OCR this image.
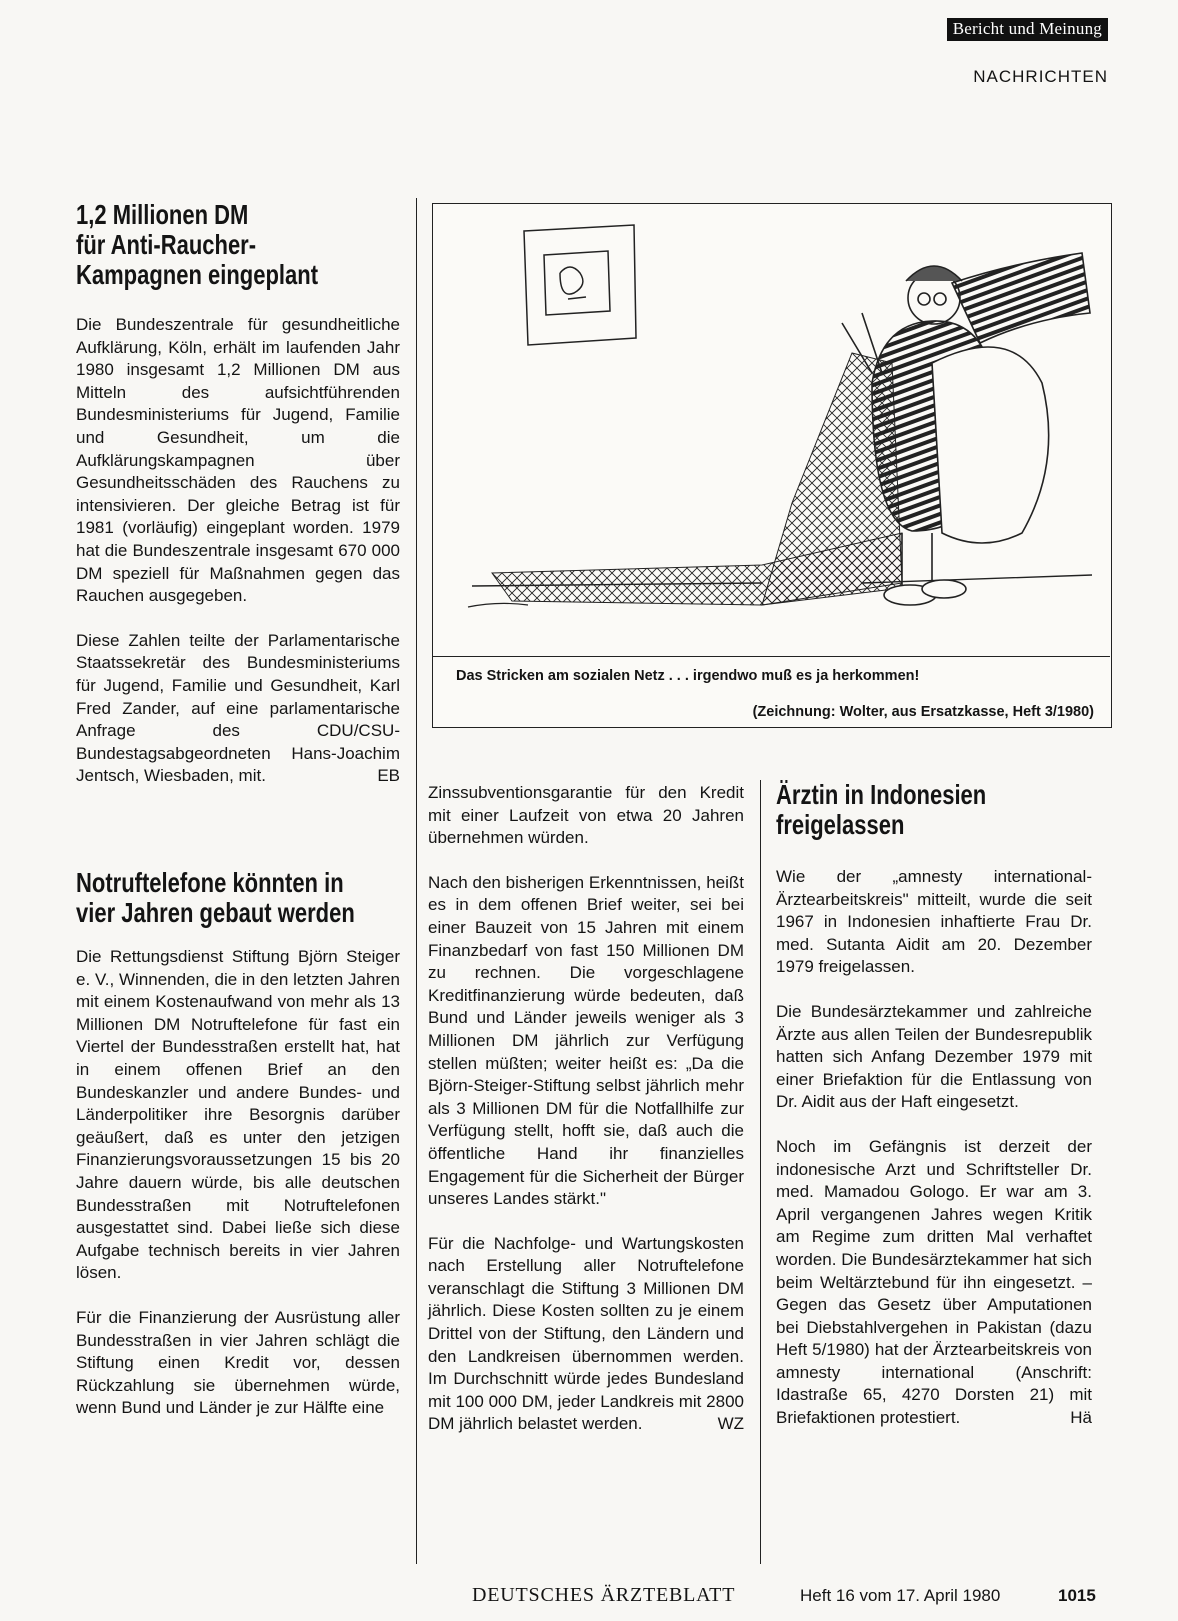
Bericht und Meinung
NACHRICHTEN

1,2 Millionen DM

für Anti-Raucher-

Kampagnen eingeplant

Die Bundeszentrale für gesundheitliche Aufklärung, Köln, erhält im laufenden Jahr 1980 insgesamt 1,2 Millionen DM aus Mitteln des aufsichtführenden Bundesministeriums für Jugend, Familie und Gesundheit, um die Aufklärungskampagnen über Gesundheitsschäden des Rauchens zu intensivieren. Der gleiche Betrag ist für 1981 (vorläufig) eingeplant worden. 1979 hat die Bundeszentrale insgesamt 670 000 DM speziell für Maßnahmen gegen das Rauchen ausgegeben.

Diese Zahlen teilte der Parlamentarische Staatssekretär des Bundesministeriums für Jugend, Familie und Gesundheit, Karl Fred Zander, auf eine parlamentarische Anfrage des CDU/CSU-Bundestagsabgeordneten Hans-Joachim Jentsch, Wiesbaden, mit.	EB

Notruftelefone könnten in

vier Jahren gebaut werden

Die Rettungsdienst Stiftung Björn Steiger e. V., Winnenden, die in den letzten Jahren mit einem Kostenaufwand von mehr als 13 Millionen DM Notruftelefone für fast ein Viertel der Bundesstraßen erstellt hat, hat in einem offenen Brief an den Bundeskanzler und andere Bundes- und Länderpolitiker ihre Besorgnis darüber geäußert, daß es unter den jetzigen Finanzierungsvoraussetzungen 15 bis 20 Jahre dauern würde, bis alle deutschen Bundesstraßen mit Notruftelefonen ausgestattet sind. Dabei ließe sich diese Aufgabe technisch bereits in vier Jahren lösen.

Für die Finanzierung der Ausrüstung aller Bundesstraßen in vier Jahren schlägt die Stiftung einen Kredit vor, dessen Rückzahlung sie übernehmen würde, wenn Bund und Länder je zur Hälfte eine

Das Stricken am sozialen Netz . . . irgendwo muß es ja herkommen!
(Zeichnung: Wolter, aus Ersatzkasse, Heft 3/1980)

Zinssubventionsgarantie für den Kredit mit einer Laufzeit von etwa 20 Jahren übernehmen würden.

Nach den bisherigen Erkenntnissen, heißt es in dem offenen Brief weiter, sei bei einer Bauzeit von 15 Jahren mit einem Finanzbedarf von fast 150 Millionen DM zu rechnen. Die vorgeschlagene Kreditfinanzierung würde bedeuten, daß Bund und Länder jeweils weniger als 3 Millionen DM jährlich zur Verfügung stellen müßten; weiter heißt es: „Da die Björn-Steiger-Stiftung selbst jährlich mehr als 3 Millionen DM für die Notfallhilfe zur Verfügung stellt, hofft sie, daß auch die öffentliche Hand ihr finanzielles Engagement für die Sicherheit der Bürger unseres Landes stärkt."

Für die Nachfolge- und Wartungskosten nach Erstellung aller Notruftelefone veranschlagt die Stiftung 3 Millionen DM jährlich. Diese Kosten sollten zu je einem Drittel von der Stiftung, den Ländern und den Landkreisen übernommen werden. Im Durchschnitt würde jedes Bundesland mit 100 000 DM, jeder Landkreis mit 2800 DM jährlich belastet werden.	WZ

Ärztin in Indonesien

freigelassen

Wie der „amnesty international-Ärztearbeitskreis" mitteilt, wurde die seit 1967 in Indonesien inhaftierte Frau Dr. med. Sutanta Aidit am 20. Dezember 1979 freigelassen.

Die Bundesärztekammer und zahlreiche Ärzte aus allen Teilen der Bundesrepublik hatten sich Anfang Dezember 1979 mit einer Briefaktion für die Entlassung von Dr. Aidit aus der Haft eingesetzt.

Noch im Gefängnis ist derzeit der indonesische Arzt und Schriftsteller Dr. med. Mamadou Gologo. Er war am 3. April vergangenen Jahres wegen Kritik am Regime zum dritten Mal verhaftet worden. Die Bundesärztekammer hat sich beim Weltärztebund für ihn eingesetzt. – Gegen das Gesetz über Amputationen bei Diebstahlvergehen in Pakistan (dazu Heft 5/1980) hat der Ärztearbeitskreis von amnesty international (Anschrift: Idastraße 65, 4270 Dorsten 21) mit Briefaktionen protestiert.	Hä

DEUTSCHES ÄRZTEBLATT	Heft 16 vom 17. April 1980	1015
